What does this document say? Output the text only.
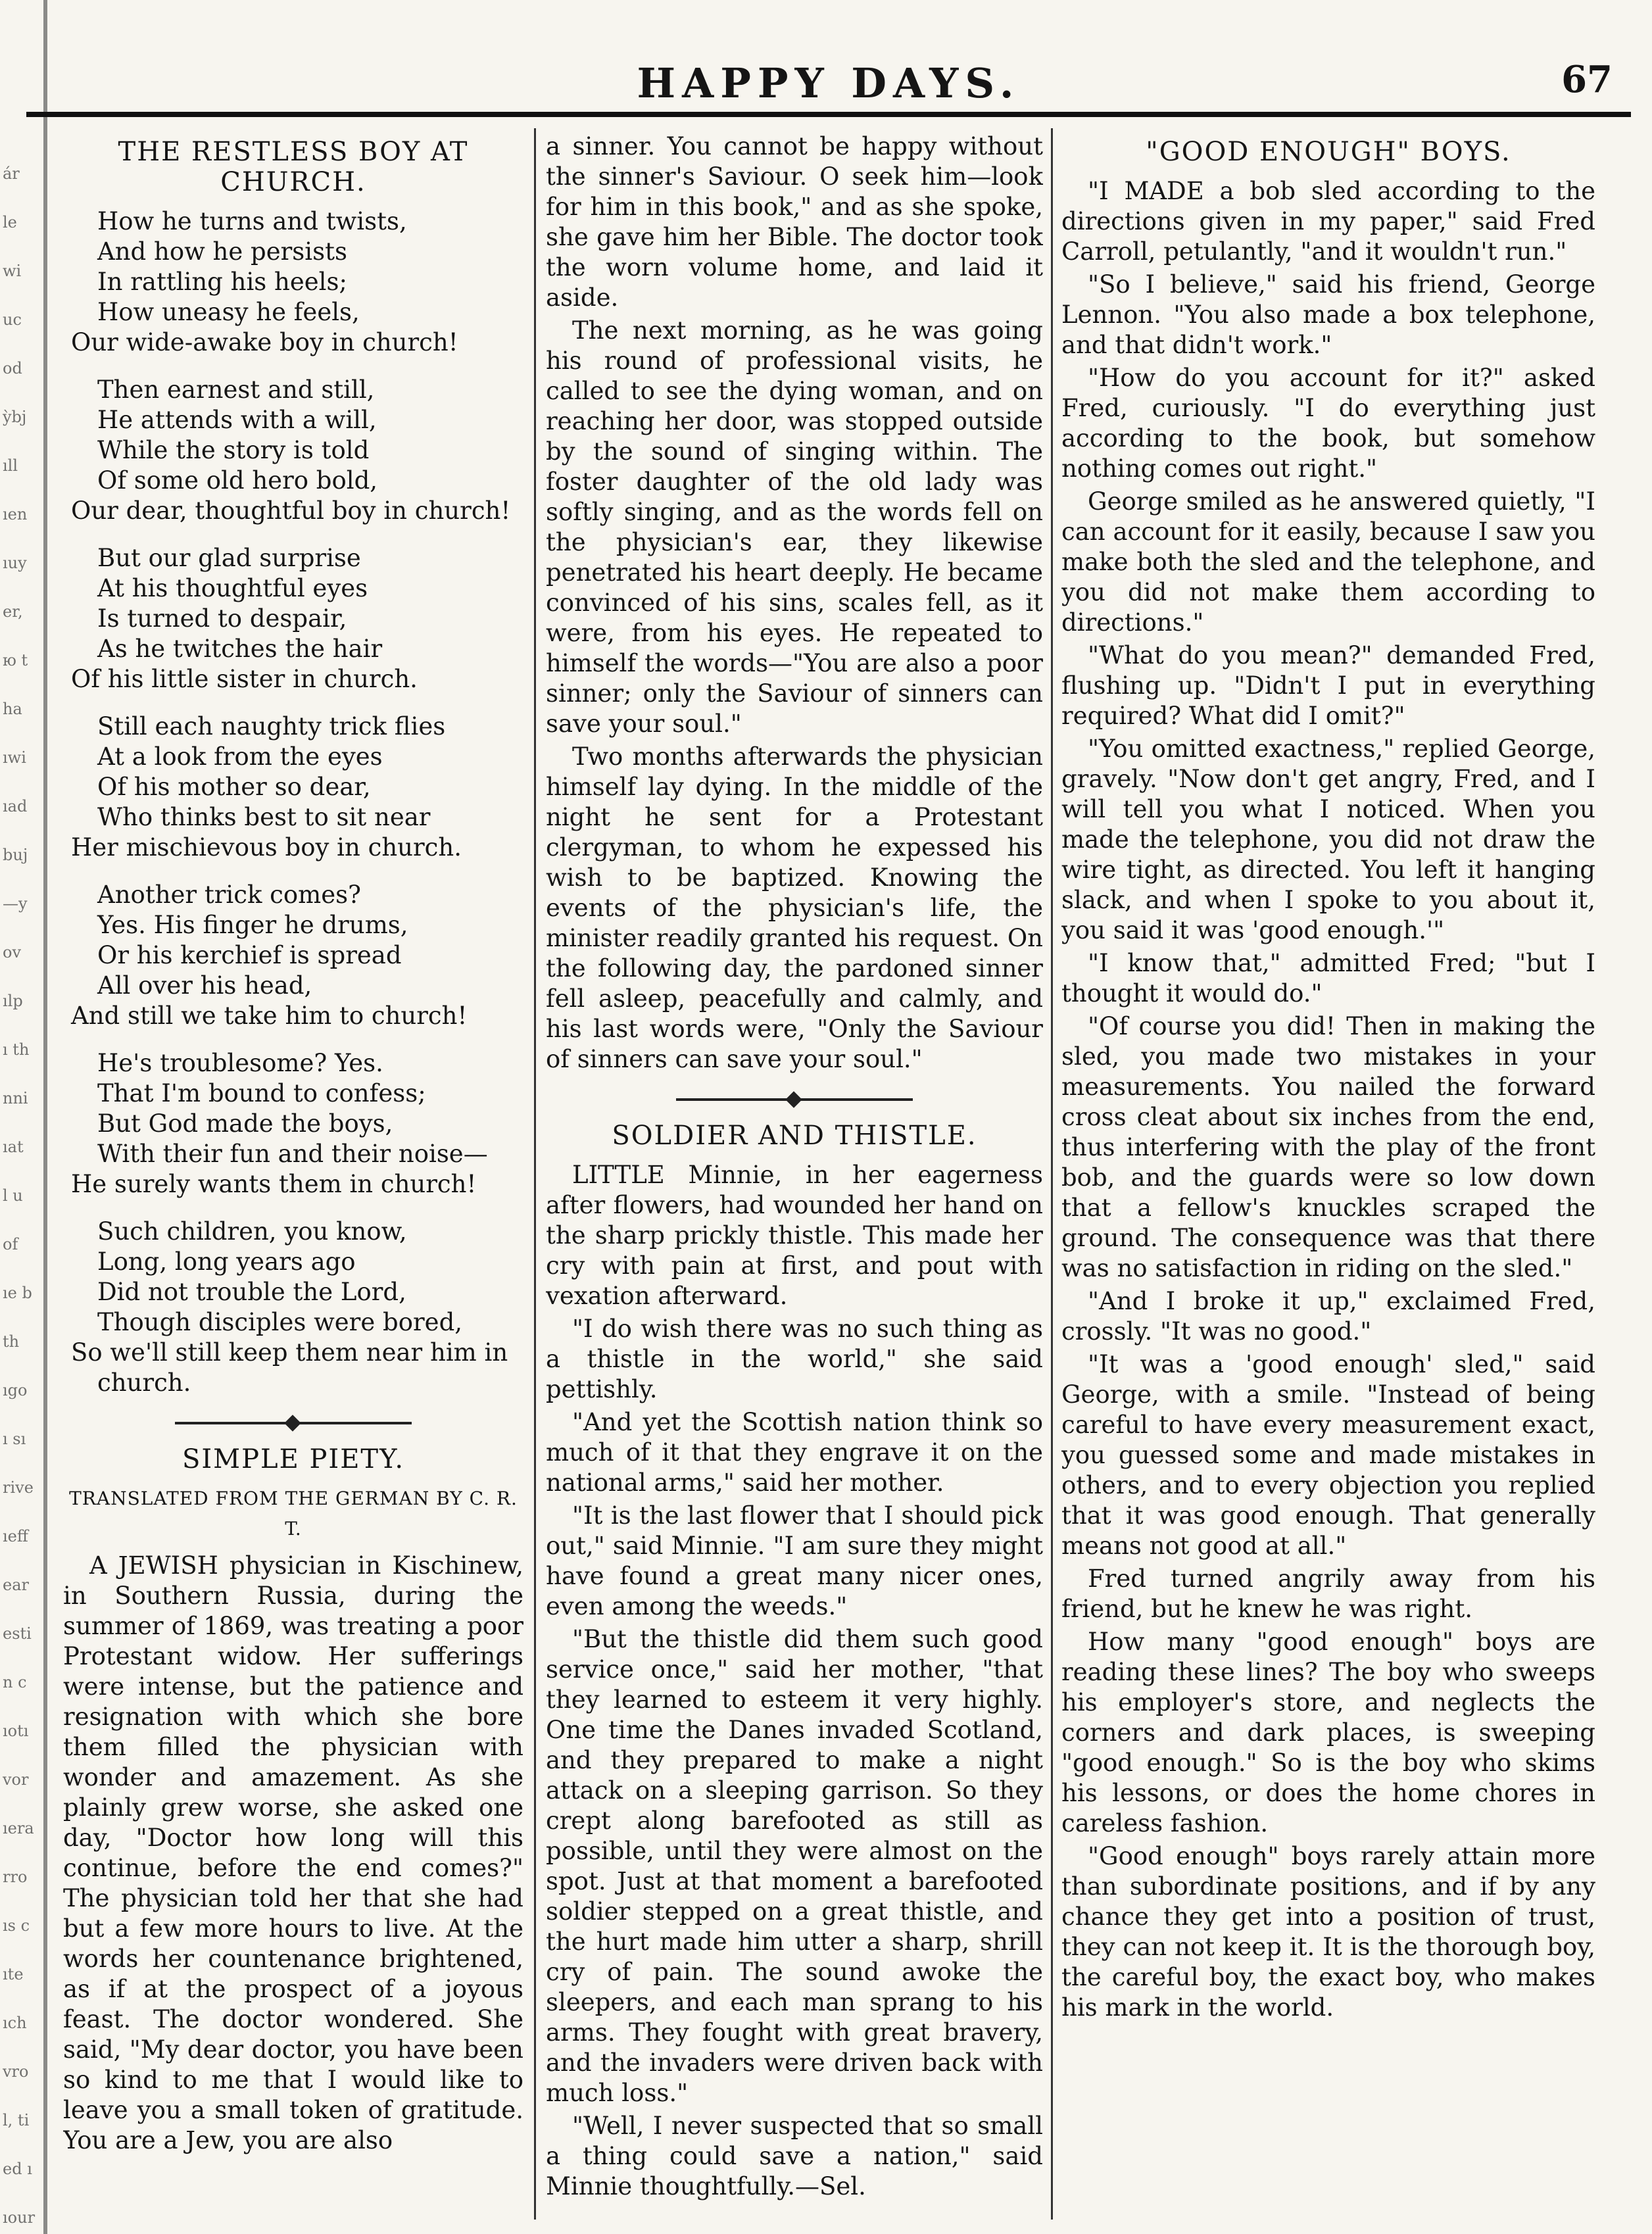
ár
le
wi
uc
od
ỳbj
ıll
ıen
ıuy
er,
ю t
ha
ıwi
ıad
buj
—y
ov
ılp
ı th
nni
ıat
l u
of
ıe b
th
ıgo
ı sı
rive
ıeff
ear
esti
n c
ıotı
vor
ıera
rro
ıs c
ıte
ıch
vro
l, ti
ed ı
ıour
HAPPY DAYS.	67
THE RESTLESS BOY AT CHURCH.
How he turns and twists,
And how he persists
In rattling his heels;
How uneasy he feels,
Our wide-awake boy in church!
Then earnest and still,
He attends with a will,
While the story is told
Of some old hero bold,
Our dear, thoughtful boy in church!
But our glad surprise
At his thoughtful eyes
Is turned to despair,
As he twitches the hair
Of his little sister in church.
Still each naughty trick flies
At a look from the eyes
Of his mother so dear,
Who thinks best to sit near
Her mischievous boy in church.
Another trick comes?
Yes. His finger he drums,
Or his kerchief is spread
All over his head,
And still we take him to church!
He's troublesome? Yes.
That I'm bound to confess;
But God made the boys,
With their fun and their noise—
He surely wants them in church!
Such children, you know,
Long, long years ago
Did not trouble the Lord,
Though disciples were bored,
So we'll still keep them near him in
church.
SIMPLE PIETY.
TRANSLATED FROM THE GERMAN BY C. R. T.

A JEWISH physician in Kischinew, in Southern Russia, during the summer of 1869, was treating a poor Protestant widow. Her sufferings were intense, but the patience and resignation with which she bore them filled the physician with wonder and amazement. As she plainly grew worse, she asked one day, "Doctor how long will this continue, before the end comes?" The physician told her that she had but a few more hours to live. At the words her countenance brightened, as if at the prospect of a joyous feast. The doctor wondered. She said, "My dear doctor, you have been so kind to me that I would like to leave you a small token of gratitude. You are a Jew, you are also

a sinner. You cannot be happy without the sinner's Saviour. O seek him—look for him in this book," and as she spoke, she gave him her Bible. The doctor took the worn volume home, and laid it aside.

The next morning, as he was going his round of professional visits, he called to see the dying woman, and on reaching her door, was stopped outside by the sound of singing within. The foster daughter of the old lady was softly singing, and as the words fell on the physician's ear, they likewise penetrated his heart deeply. He became convinced of his sins, scales fell, as it were, from his eyes. He repeated to himself the words—"You are also a poor sinner; only the Saviour of sinners can save your soul."

Two months afterwards the physician himself lay dying. In the middle of the night he sent for a Protestant clergyman, to whom he expessed his wish to be baptized. Knowing the events of the physician's life, the minister readily granted his request. On the following day, the pardoned sinner fell asleep, peacefully and calmly, and his last words were, "Only the Saviour of sinners can save your soul."

SOLDIER AND THISTLE.

LITTLE Minnie, in her eagerness after flowers, had wounded her hand on the sharp prickly thistle. This made her cry with pain at first, and pout with vexation afterward.

"I do wish there was no such thing as a thistle in the world," she said pettishly.

"And yet the Scottish nation think so much of it that they engrave it on the national arms," said her mother.

"It is the last flower that I should pick out," said Minnie. "I am sure they might have found a great many nicer ones, even among the weeds."

"But the thistle did them such good service once," said her mother, "that they learned to esteem it very highly. One time the Danes invaded Scotland, and they prepared to make a night attack on a sleeping garrison. So they crept along barefooted as still as possible, until they were almost on the spot. Just at that moment a barefooted soldier stepped on a great thistle, and the hurt made him utter a sharp, shrill cry of pain. The sound awoke the sleepers, and each man sprang to his arms. They fought with great bravery, and the invaders were driven back with much loss."

"Well, I never suspected that so small a thing could save a nation," said Minnie thoughtfully.—Sel.

"GOOD ENOUGH" BOYS.

"I MADE a bob sled according to the directions given in my paper," said Fred Carroll, petulantly, "and it wouldn't run."

"So I believe," said his friend, George Lennon. "You also made a box telephone, and that didn't work."

"How do you account for it?" asked Fred, curiously. "I do everything just according to the book, but somehow nothing comes out right."

George smiled as he answered quietly, "I can account for it easily, because I saw you make both the sled and the telephone, and you did not make them according to directions."

"What do you mean?" demanded Fred, flushing up. "Didn't I put in everything required? What did I omit?"

"You omitted exactness," replied George, gravely. "Now don't get angry, Fred, and I will tell you what I noticed. When you made the telephone, you did not draw the wire tight, as directed. You left it hanging slack, and when I spoke to you about it, you said it was 'good enough.'"

"I know that," admitted Fred; "but I thought it would do."

"Of course you did! Then in making the sled, you made two mistakes in your measurements. You nailed the forward cross cleat about six inches from the end, thus interfering with the play of the front bob, and the guards were so low down that a fellow's knuckles scraped the ground. The consequence was that there was no satisfaction in riding on the sled."

"And I broke it up," exclaimed Fred, crossly. "It was no good."

"It was a 'good enough' sled," said George, with a smile. "Instead of being careful to have every measurement exact, you guessed some and made mistakes in others, and to every objection you replied that it was good enough. That generally means not good at all."

Fred turned angrily away from his friend, but he knew he was right.

How many "good enough" boys are reading these lines? The boy who sweeps his employer's store, and neglects the corners and dark places, is sweeping "good enough." So is the boy who skims his lessons, or does the home chores in careless fashion.

"Good enough" boys rarely attain more than subordinate positions, and if by any chance they get into a position of trust, they can not keep it. It is the thorough boy, the careful boy, the exact boy, who makes his mark in the world.
